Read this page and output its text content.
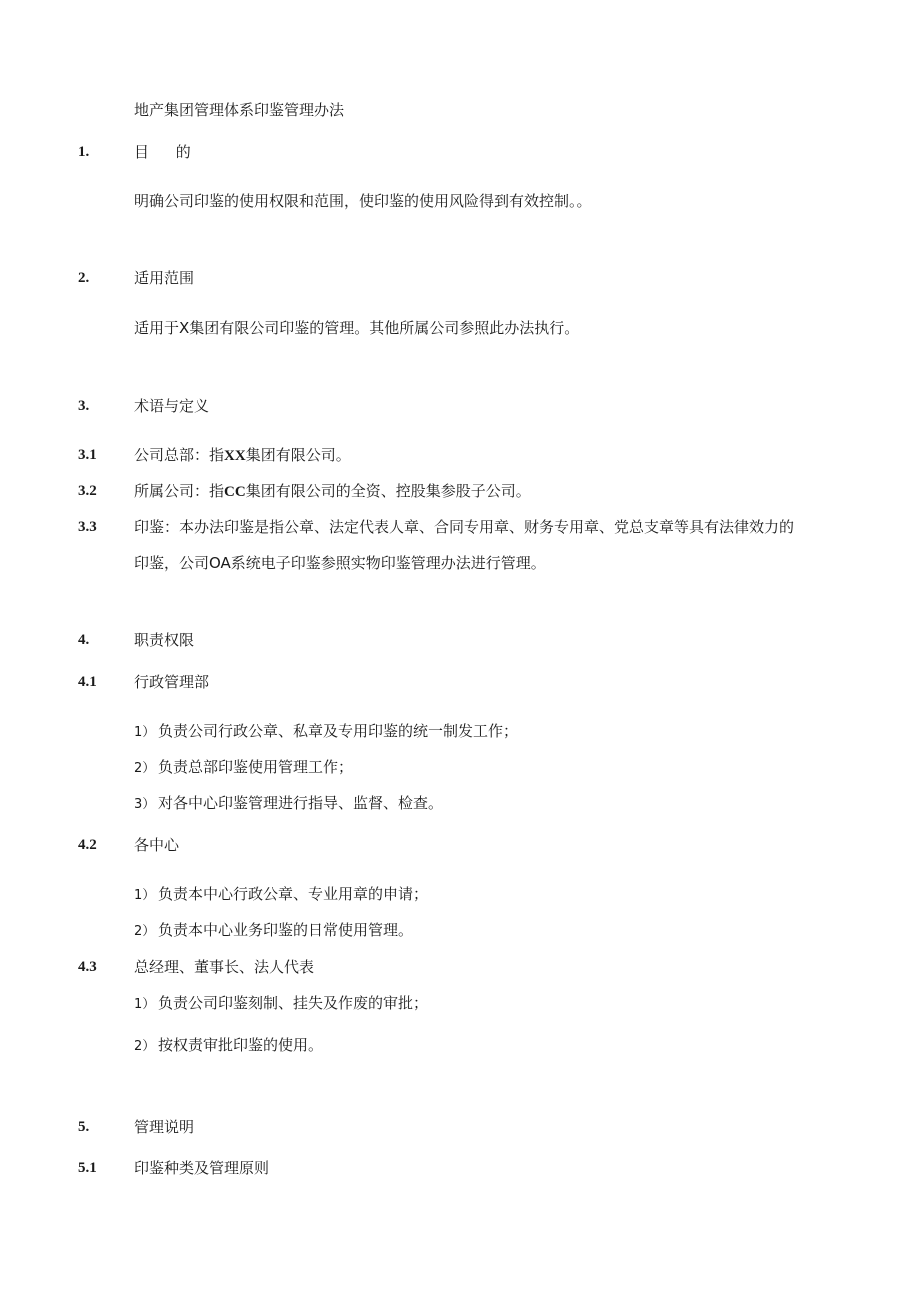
地产集团管理体系印鉴管理办法
1.	目 的
明确公司印鉴的使用权限和范围，使印鉴的使用风险得到有效控制。。
2.	适用范围
适用于X集团有限公司印鉴的管理。其他所属公司参照此办法执行。
3.	术语与定义
3.1 公司总部：指XX集团有限公司。
3.2 所属公司：指CC集团有限公司的全资、控股集参股子公司。
3.3 印鉴：本办法印鉴是指公章、法定代表人章、合同专用章、财务专用章、党总支章等具有法律效力的
印鉴，公司OA系统电子印鉴参照实物印鉴管理办法进行管理。
4.	职责权限
4.1 行政管理部
1） 负责公司行政公章、私章及专用印鉴的统一制发工作；
2） 负责总部印鉴使用管理工作；
3） 对各中心印鉴管理进行指导、监督、检查。
4.2 各中心
1） 负责本中心行政公章、专业用章的申请；
2） 负责本中心业务印鉴的日常使用管理。
4.3 总经理、董事长、法人代表
1） 负责公司印鉴刻制、挂失及作废的审批；
2） 按权责审批印鉴的使用。
5.	管理说明
5.1 印鉴种类及管理原则
